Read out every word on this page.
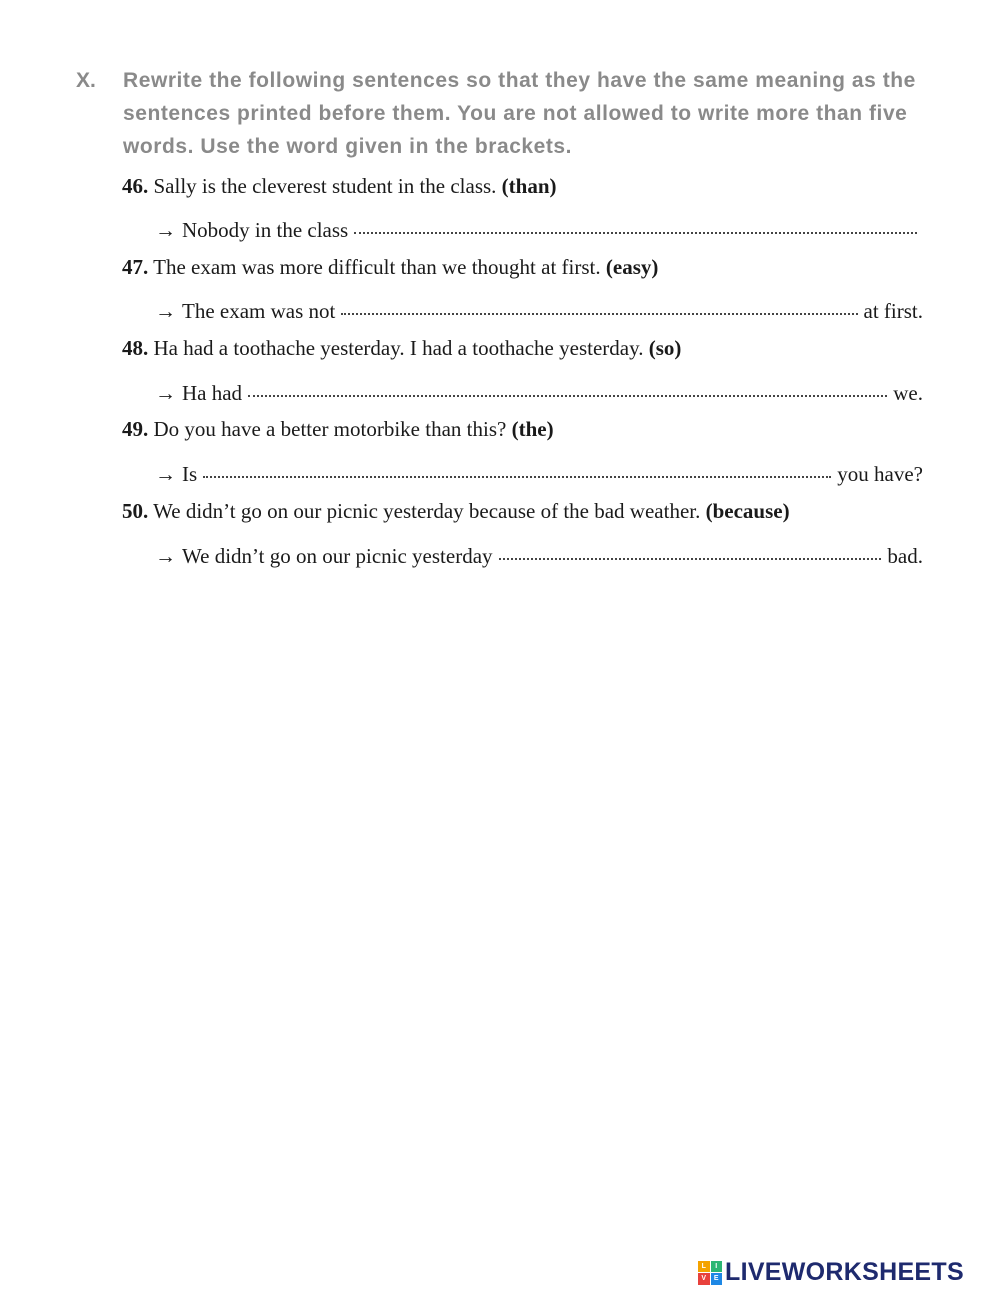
X. Rewrite the following sentences so that they have the same meaning as the sentences printed before them. You are not allowed to write more than five words. Use the word given in the brackets.
46. Sally is the cleverest student in the class. (than)
→ Nobody in the class
47. The exam was more difficult than we thought at first. (easy)
→ The exam was not	at first.
48. Ha had a toothache yesterday. I had a toothache yesterday. (so)
→ Ha had	we.
49. Do you have a better motorbike than this? (the)
→ Is	you have?
50. We didn’t go on our picnic yesterday because of the bad weather. (because)
→ We didn’t go on our picnic yesterday	bad.
L	I
V	E LIVEWORKSHEETS
